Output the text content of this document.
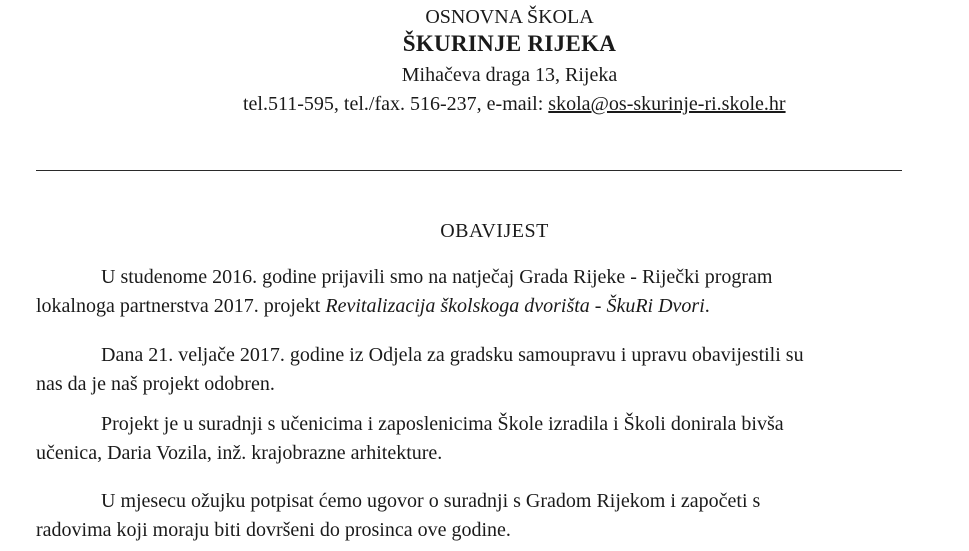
OSNOVNA ŠKOLA
ŠKURINJE RIJEKA
Mihačeva draga 13, Rijeka
tel.511-595, tel./fax. 516-237, e-mail: skola@os-skurinje-ri.skole.hr
OBAVIJEST
U studenome 2016. godine prijavili smo na natječaj Grada Rijeke - Riječki program
lokalnoga partnerstva 2017. projekt Revitalizacija školskoga dvorišta - ŠkuRi Dvori.
Dana 21. veljače 2017. godine iz Odjela za gradsku samoupravu i upravu obavijestili su
nas da je naš projekt odobren.
Projekt je u suradnji s učenicima i zaposlenicima Škole izradila i Školi donirala bivša
učenica, Daria Vozila, inž. krajobrazne arhitekture.
U mjesecu ožujku potpisat ćemo ugovor o suradnji s Gradom Rijekom i započeti s
radovima koji moraju biti dovršeni do prosinca ove godine.
